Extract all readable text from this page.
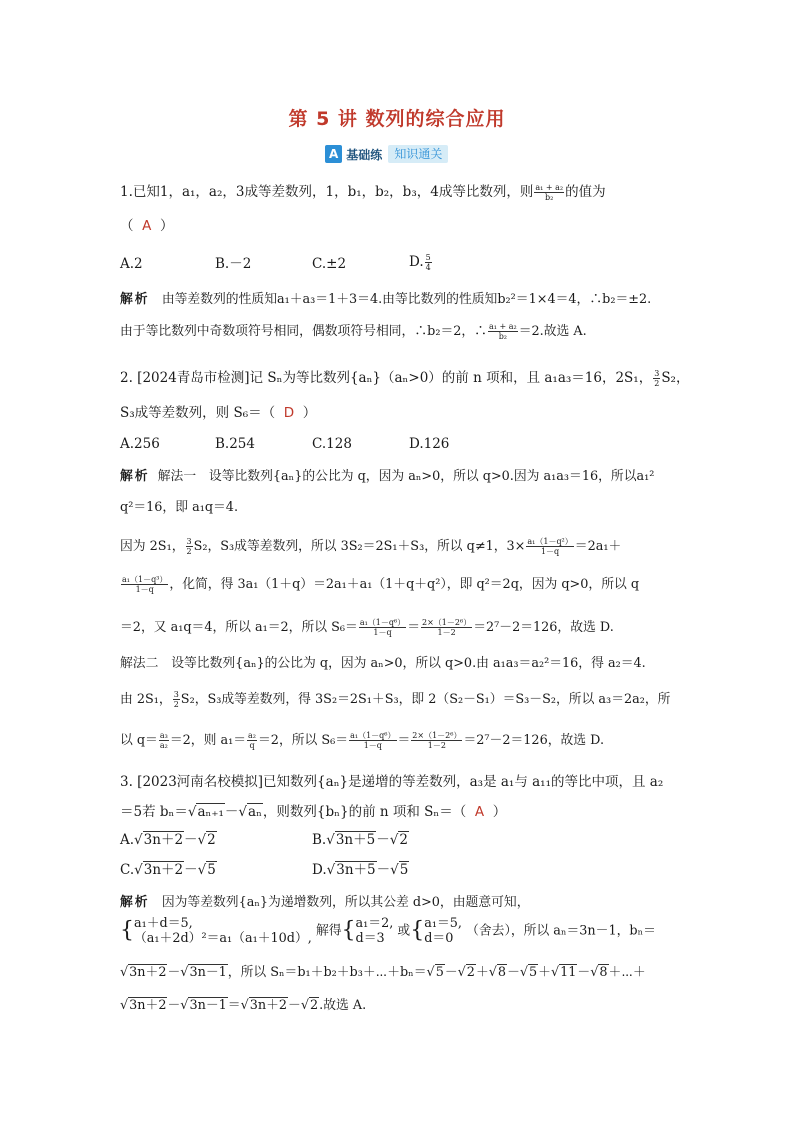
第 5 讲 数列的综合应用
A 基础练	知识通关
1.已知1，a₁，a₂，3成等差数列，1，b₁，b₂，b₃，4成等比数列，则 $\frac{\text{a₁ + a₂}}{\text{b₂}}$ 的值为
（ A ）
A.2	B.－2	C.±2	D. $\frac{5}{4}$
解析 由等差数列的性质知a₁＋a₃＝1＋3＝4.由等比数列的性质知b₂²＝1×4＝4，∴b₂＝±2.
由于等比数列中奇数项符号相同，偶数项符号相同，∴b₂＝2，∴ $\frac{\text{a₁ + a₂}}{\text{b₂}} =2$.故选 A.
2. [2024青岛市检测]记 Sₙ为等比数列{aₙ}（aₙ>0）的前 n 项和，且 a₁a₃＝16，2S₁， $\frac{3}{2} S_2$，
S₃成等差数列，则 S₆＝（ D ）
A.256	B.254	C.128	D.126
解析 解法一　设等比数列{aₙ}的公比为 q，因为 aₙ>0，所以 q>0.因为 a₁a₃＝16，所以a₁²
q²＝16，即 a₁q＝4.
因为 2S₁， $\frac{3}{2} S_2$，S₃成等差数列，所以 3S₂＝2S₁＋S₃，所以 q≠1，$3\times \frac{\text{a₁（1－q²）}}{1-q} =2a_1+$
$\frac{\text{a₁（1－q³）}}{1-q}$ ，化简，得 3a₁（1＋q）＝2a₁＋a₁（1＋q＋q²），即 q²＝2q，因为 q>0，所以 q
＝2，又 a₁q＝4，所以 a₁＝2，所以 $S_6= \frac{\text{a₁（1－q⁶）}}{1-q} = \frac{\text{2×（1－2⁶）}}{1-2} =2^7-2=126$，故选 D.
解法二　设等比数列{aₙ}的公比为 q，因为 aₙ>0，所以 q>0.由 a₁a₃＝a₂²＝16，得 a₂＝4.
由 2S₁， $\frac{3}{2} S_2$，S₃成等差数列，得 3S₂＝2S₁＋S₃，即 2（S₂－S₁）＝S₃－S₂，所以 a₃＝2a₂，所
以 $q= \frac{\text{a₃}}{\text{a₂}} =2$，则 $a_1= \frac{\text{a₂}}{q} =2$，所以 $S_6= \frac{\text{a₁（1－q⁶）}}{1-q} = \frac{\text{2×（1－2⁶）}}{1-2} =2^7-2=126$，故选 D.
3. [2023河南名校模拟]已知数列{aₙ}是递增的等差数列，a₃是 a₁与 a₁₁的等比中项，且 a₂
＝5若 bₙ＝√aₙ₊₁－√aₙ，则数列{bₙ}的前 n 项和 Sₙ＝（ A ）
A.√3n＋2－√2	B.√3n＋5－√2
C.√3n＋2－√5	D.√3n＋5－√5
解析 因为等差数列{aₙ}为递增数列，所以其公差 d>0，由题意可知，
{ a₁＋d＝5,
（a₁＋2d）²＝a₁（a₁＋10d）, 解得{ a₁＝2,
d＝3 或{ a₁＝5,
d＝0 （舍去），所以 aₙ＝3n－1，bₙ＝
√3n＋2－√3n－1，所以 Sₙ＝b₁＋b₂＋b₃＋⋯＋bₙ＝√5－√2＋√8－√5＋√11－√8＋⋯＋
√3n＋2－√3n－1＝√3n＋2－√2.故选 A.
